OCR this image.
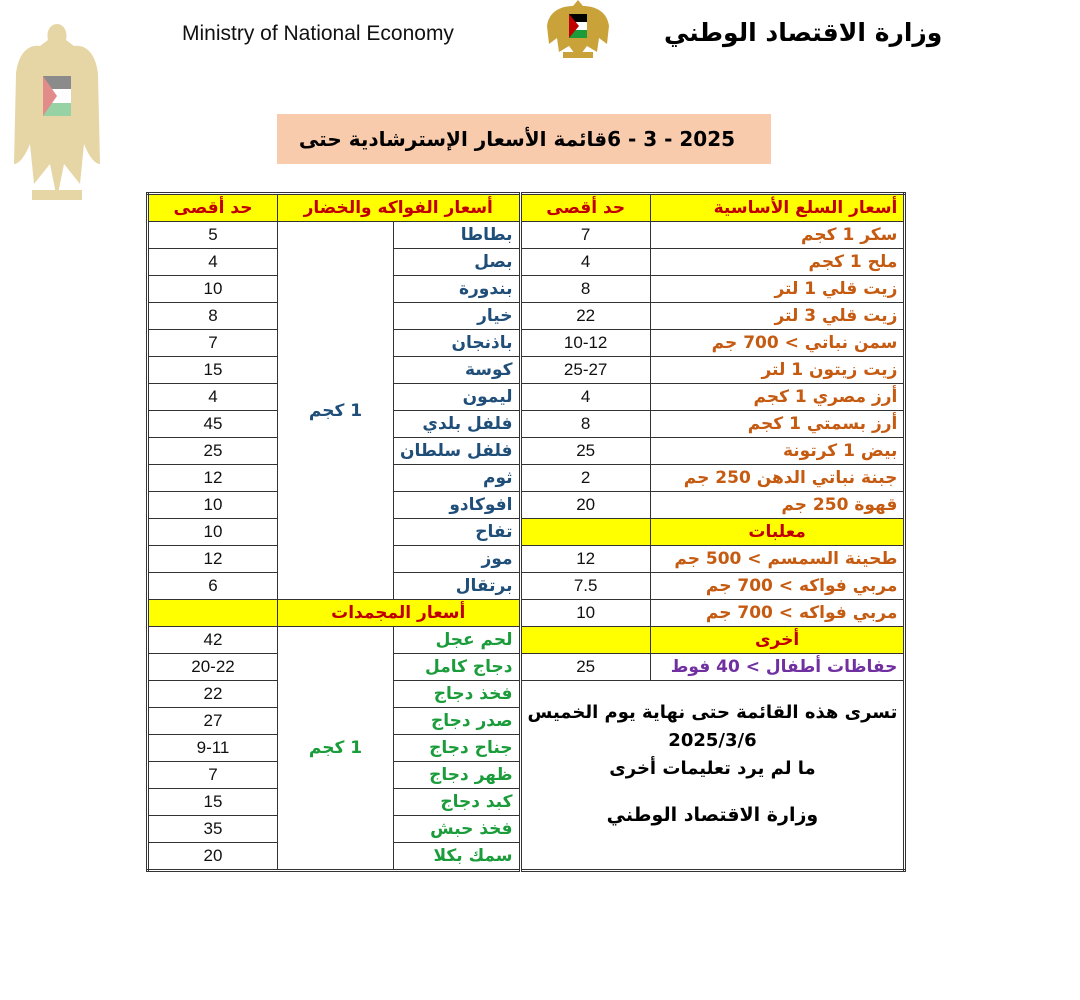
Ministry of National Economy	وزارة الاقتصاد الوطني
قائمة الأسعار الإسترشادية حتى 6 - 3 - 2025
حد أقصى	أسعار الفواكه والخضار		حد أقصى	أسعار السلع الأساسية
5	1 كجم	بطاطا	7	سكر 1 كجم
4		بصل	4	ملح 1 كجم
10		بندورة	8	زيت قلي 1 لتر
8		خيار	22	زيت قلي 3 لتر
7		باذنجان	10-12	سمن نباتي > 700 جم
15		كوسة	25-27	زيت زيتون 1 لتر
4		ليمون	4	أرز مصري 1 كجم
45		فلفل بلدي	8	أرز بسمتي 1 كجم
25		فلفل سلطان	25	بيض 1 كرتونة
12		ثوم	2	جبنة نباتي الدهن 250 جم
10		افوكادو	20	قهوة 250 جم
10		تفاح		معلبات
12		موز	12	طحينة السمسم > 500 جم
6		برتقال	7.5	مربي فواكه > 700 جم
	أسعار المجمدات		10	مربي فواكه > 700 جم
42	1 كجم	لحم عجل		أخرى
20-22		دجاج كامل	25	حفاظات أطفال > 40 فوط
22		فخذ دجاج	تسرى هذه القائمة حتى نهاية يوم الخميس
2025/3/6
ما لم يرد تعليمات أخرى
وزارة الاقتصاد الوطني	

27		صدر دجاج		
9-11		جناح دجاج		
7		ظهر دجاج		
15		كبد دجاج		
35		فخذ حبش		
20		سمك بكلا		
